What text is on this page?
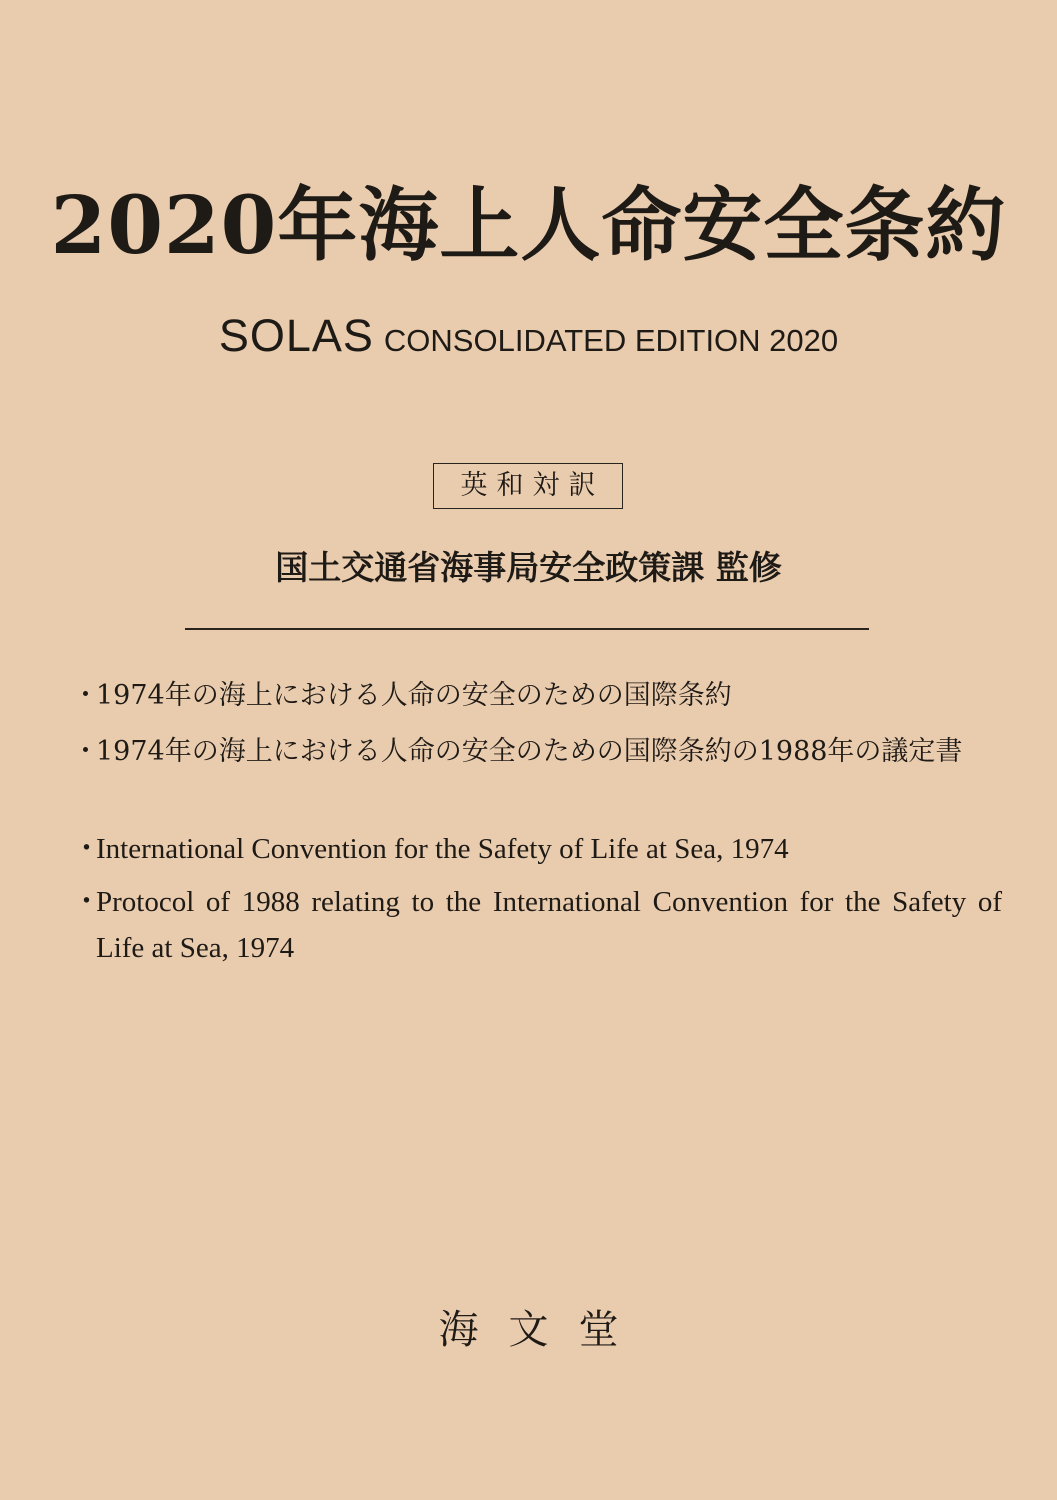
2020年海上人命安全条約
SOLAS CONSOLIDATED EDITION 2020
英和対訳
国土交通省海事局安全政策課 監修
・
1974年の海上における人命の安全のための国際条約
・
1974年の海上における人命の安全のための国際条約の1988年の議定書
・
International Convention for the Safety of Life at Sea, 1974
・
Protocol of 1988 relating to the International Convention for the Safety of Life at Sea, 1974
海文堂
